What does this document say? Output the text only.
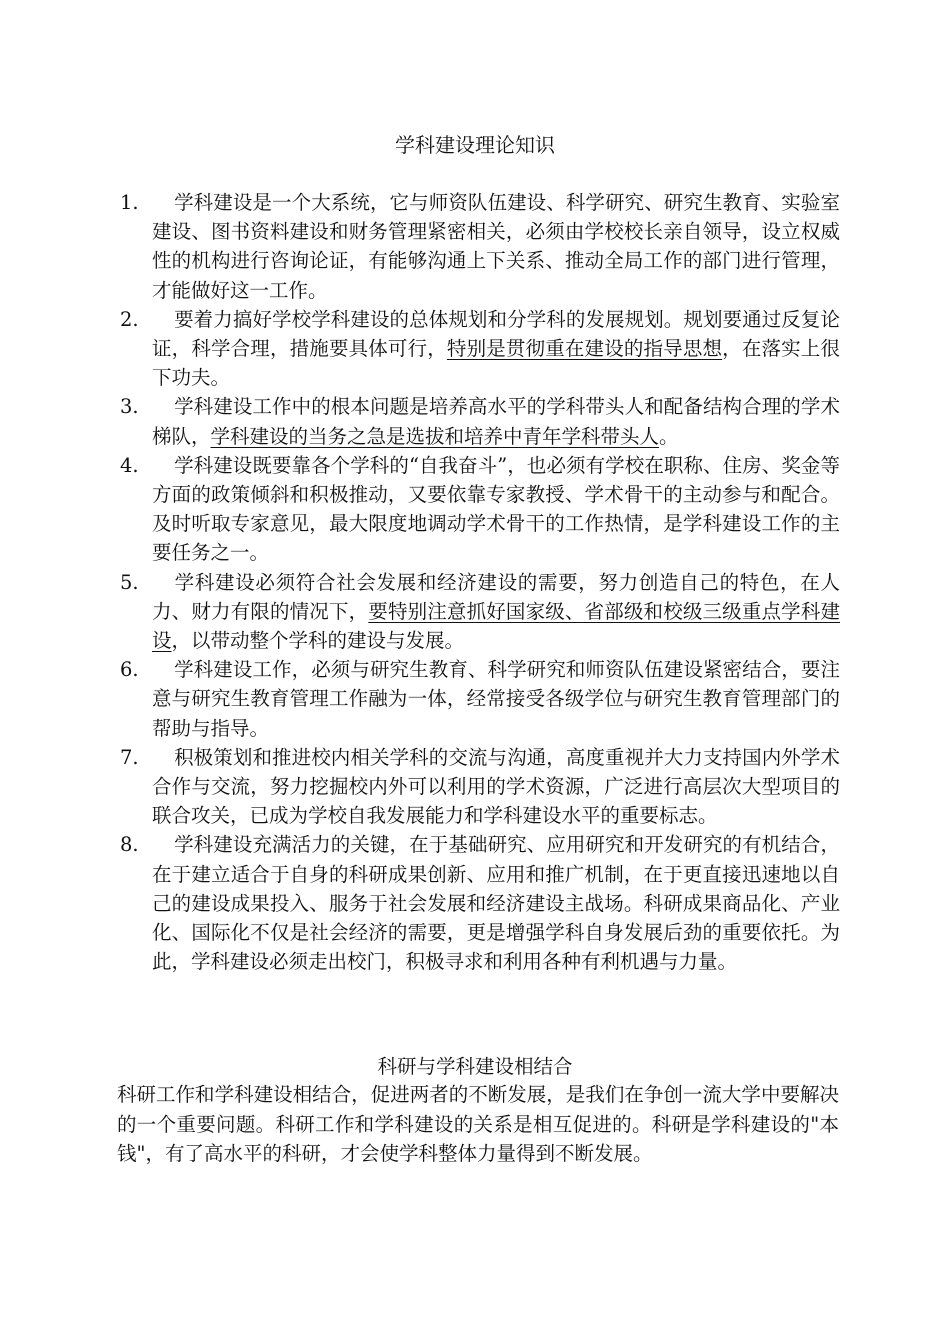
学科建设理论知识
1.	学科建设是一个大系统，它与师资队伍建设、科学研究、研究生教育、实验室建设、图书资料建设和财务管理紧密相关，必须由学校校长亲自领导，设立权威性的机构进行咨询论证，有能够沟通上下关系、推动全局工作的部门进行管理，才能做好这一工作。
2.	要着力搞好学校学科建设的总体规划和分学科的发展规划。规划要通过反复论证，科学合理，措施要具体可行，特别是贯彻重在建设的指导思想，在落实上很下功夫。
3.	学科建设工作中的根本问题是培养高水平的学科带头人和配备结构合理的学术梯队，学科建设的当务之急是选拔和培养中青年学科带头人。
4.	学科建设既要靠各个学科的“自我奋斗”，也必须有学校在职称、住房、奖金等方面的政策倾斜和积极推动，又要依靠专家教授、学术骨干的主动参与和配合。及时听取专家意见，最大限度地调动学术骨干的工作热情，是学科建设工作的主要任务之一。
5.	学科建设必须符合社会发展和经济建设的需要，努力创造自己的特色，在人力、财力有限的情况下，要特别注意抓好国家级、省部级和校级三级重点学科建设，以带动整个学科的建设与发展。
6.	学科建设工作，必须与研究生教育、科学研究和师资队伍建设紧密结合，要注意与研究生教育管理工作融为一体，经常接受各级学位与研究生教育管理部门的帮助与指导。
7.	积极策划和推进校内相关学科的交流与沟通，高度重视并大力支持国内外学术合作与交流，努力挖掘校内外可以利用的学术资源，广泛进行高层次大型项目的联合攻关，已成为学校自我发展能力和学科建设水平的重要标志。
8.	学科建设充满活力的关键，在于基础研究、应用研究和开发研究的有机结合，在于建立适合于自身的科研成果创新、应用和推广机制，在于更直接迅速地以自己的建设成果投入、服务于社会发展和经济建设主战场。科研成果商品化、产业化、国际化不仅是社会经济的需要，更是增强学科自身发展后劲的重要依托。为此，学科建设必须走出校门，积极寻求和利用各种有利机遇与力量。
科研与学科建设相结合

科研工作和学科建设相结合，促进两者的不断发展，是我们在争创一流大学中要解决的一个重要问题。科研工作和学科建设的关系是相互促进的。科研是学科建设的"本钱"，有了高水平的科研，才会使学科整体力量得到不断发展。
